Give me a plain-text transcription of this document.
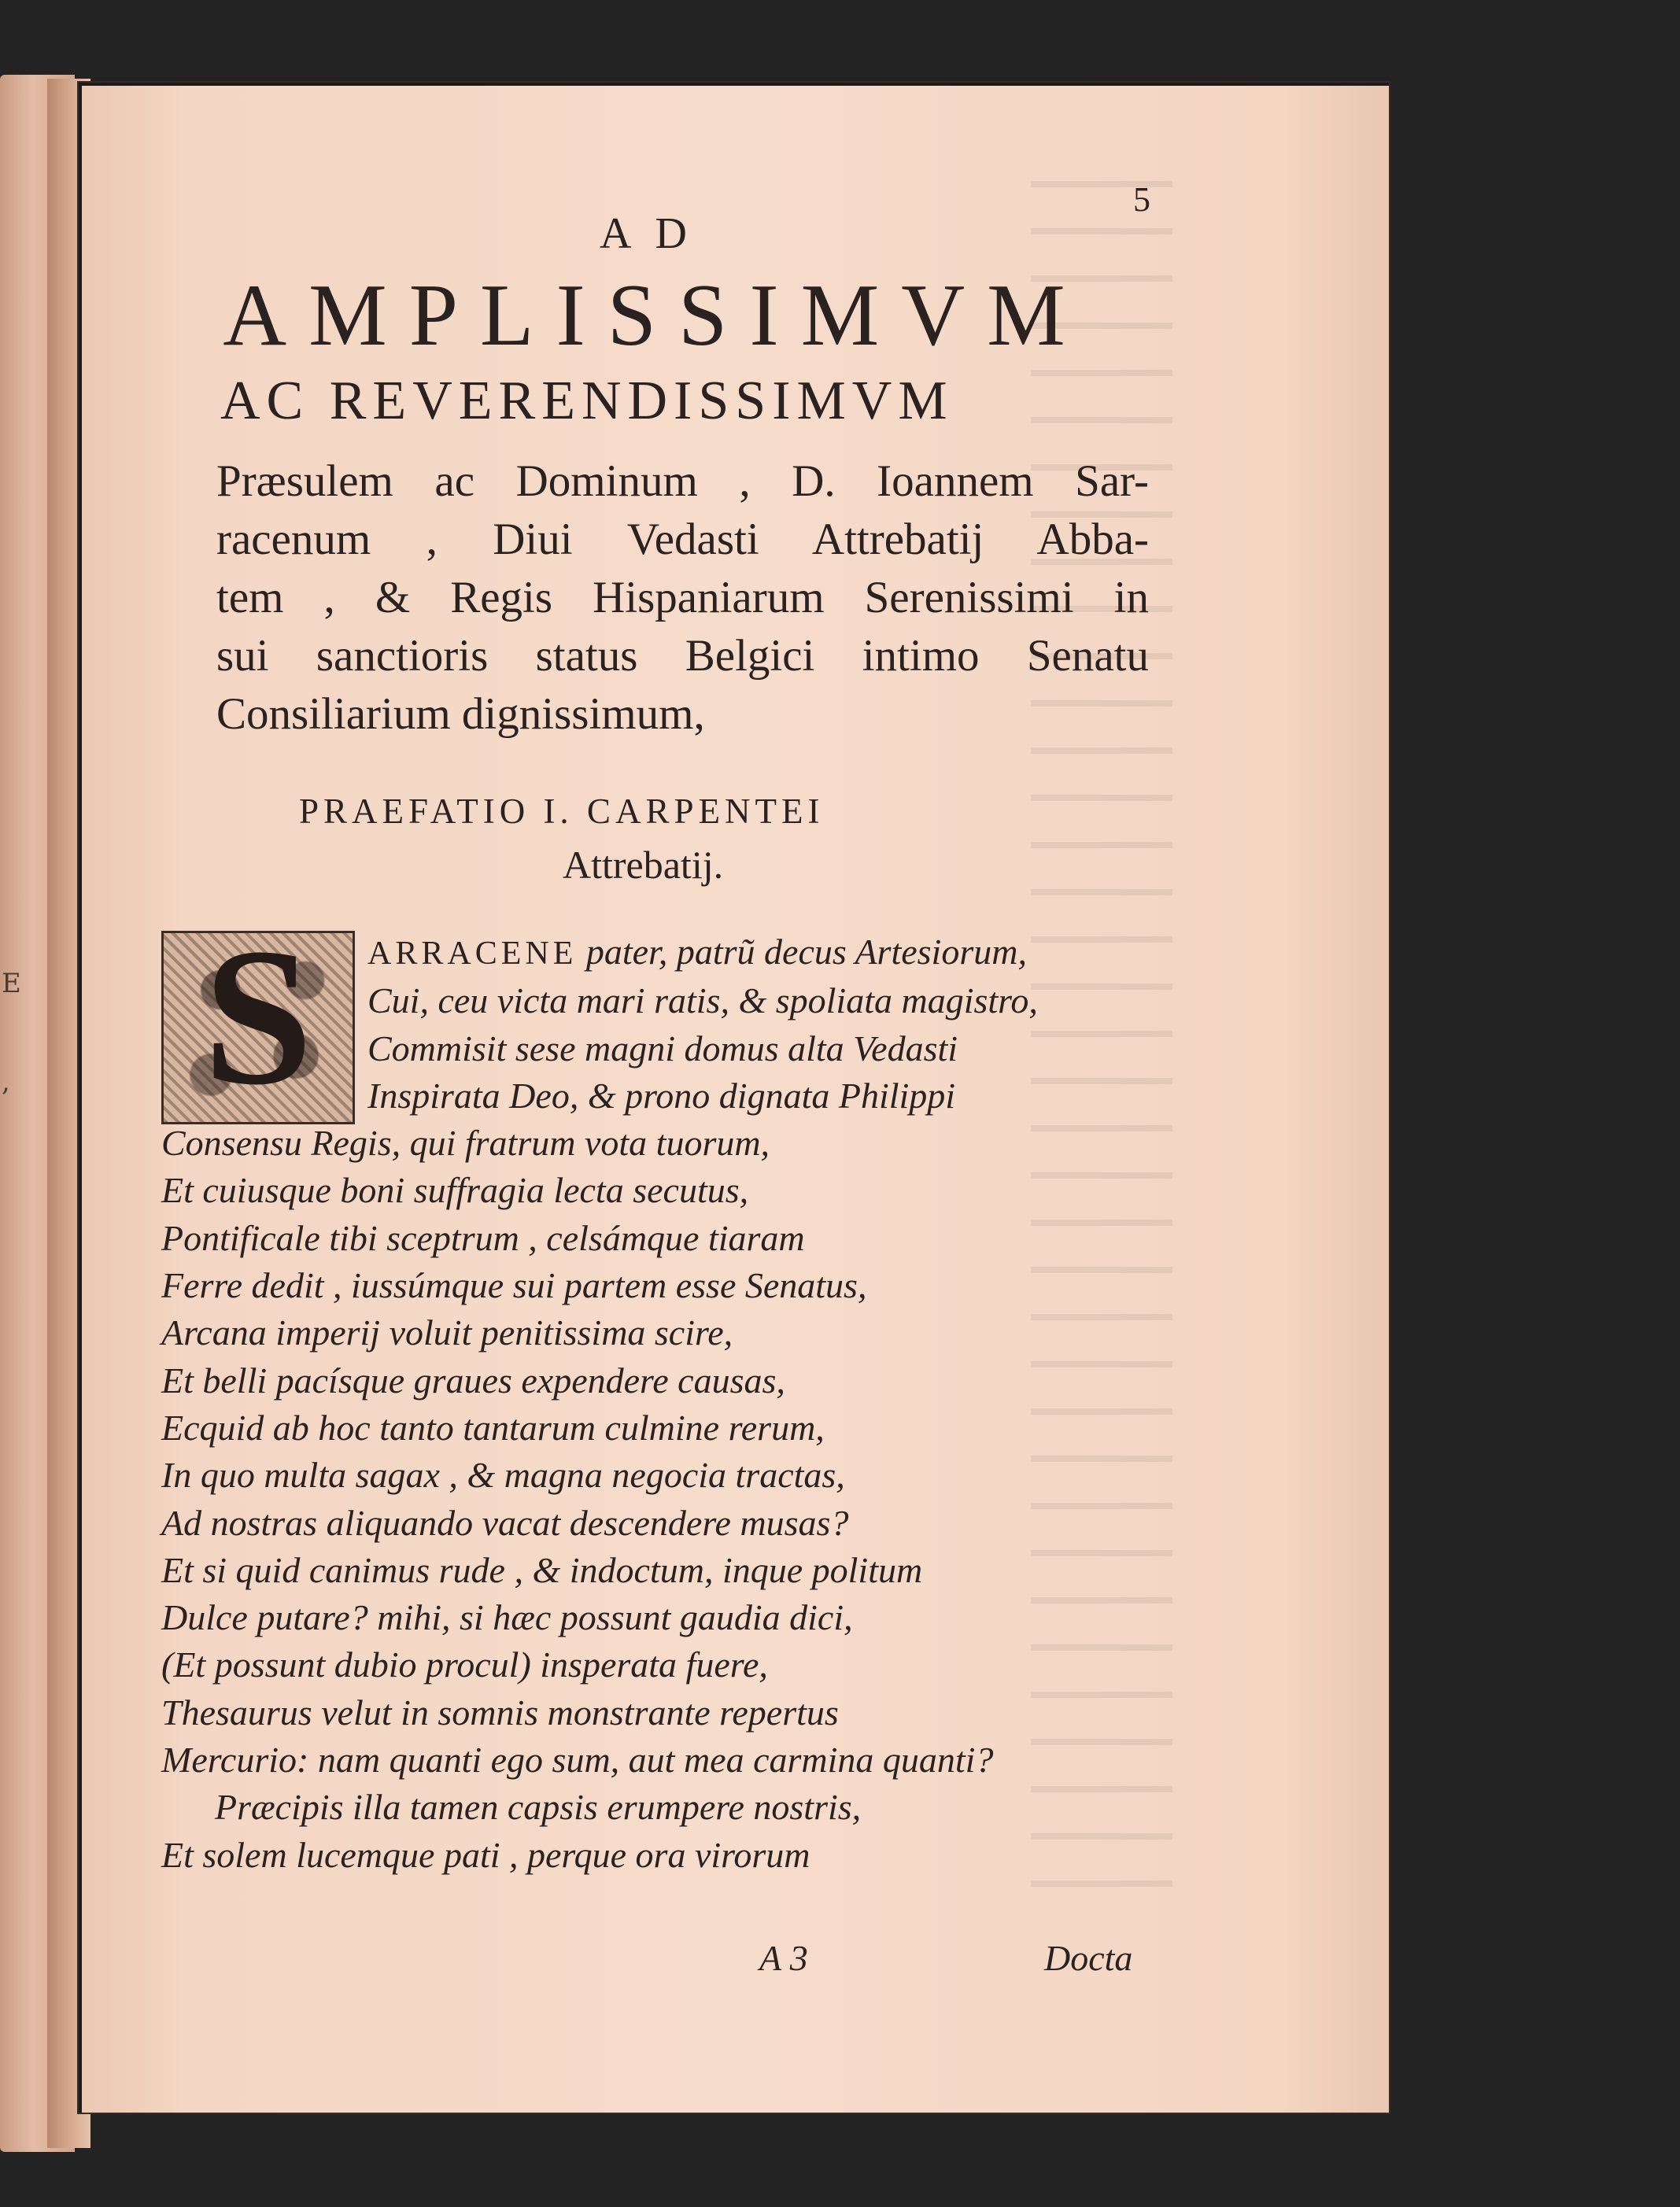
E
,
5
AD
AMPLISSIMVM
AC REVERENDISSIMVM
Præsulem ac Dominum , D. Ioannem Sar-
racenum , Diui Vedasti Attrebatij Abba-
tem , & Regis Hispaniarum Serenissimi in
sui sanctioris status Belgici intimo Senatu
Consiliarium dignissimum,
PRAEFATIO I. CARPENTEI
Attrebatij.
S	ARRACENE pater, patrũ decus Artesiorum,
Cui, ceu victa mari ratis, & spoliata magistro,
Commisit sese magni domus alta Vedasti
Inspirata Deo, & prono dignata Philippi
Consensu Regis, qui fratrum vota tuorum,
Et cuiusque boni suffragia lecta secutus,
Pontificale tibi sceptrum , celsámque tiaram
Ferre dedit , iussúmque sui partem esse Senatus,
Arcana imperij voluit penitissima scire,
Et belli pacísque graues expendere causas,
Ecquid ab hoc tanto tantarum culmine rerum,
In quo multa sagax , & magna negocia tractas,
Ad nostras aliquando vacat descendere musas?
Et si quid canimus rude , & indoctum, inque politum
Dulce putare? mihi, si hæc possunt gaudia dici,
(Et possunt dubio procul) insperata fuere,
Thesaurus velut in somnis monstrante repertus
Mercurio: nam quanti ego sum, aut mea carmina quanti?
Præcipis illa tamen capsis erumpere nostris,
Et solem lucemque pati , perque ora virorum
A 3	Docta
